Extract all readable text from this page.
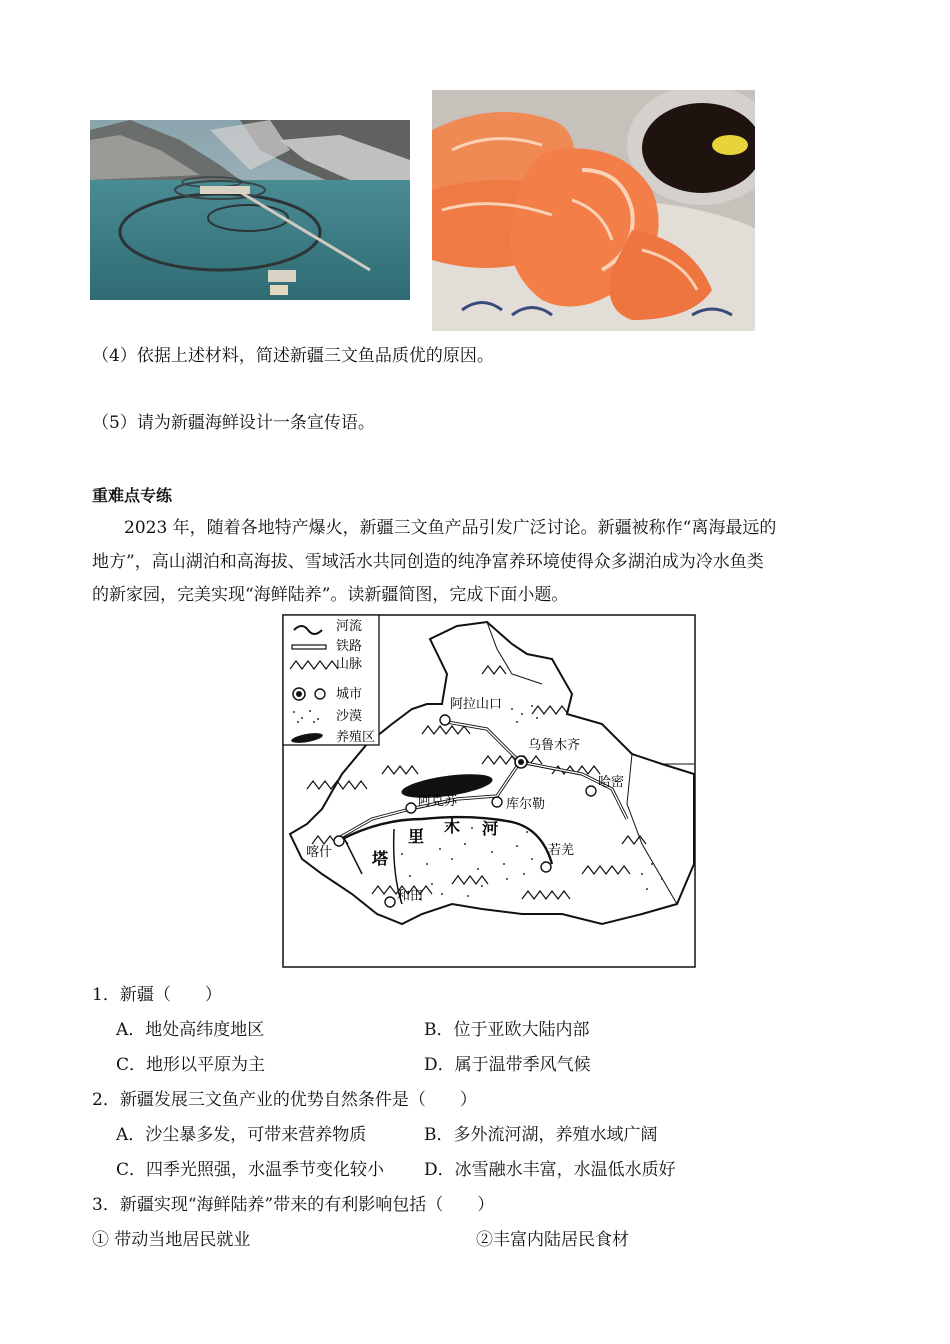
（4）依据上述材料，简述新疆三文鱼品质优的原因。
（5）请为新疆海鲜设计一条宣传语。
重难点专练
2023 年，随着各地特产爆火，新疆三文鱼产品引发广泛讨论。新疆被称作“离海最远的
地方”，高山湖泊和高海拔、雪域活水共同创造的纯净富养环境使得众多湖泊成为冷水鱼类
的新家园，完美实现“海鲜陆养”。读新疆简图，完成下面小题。
阿拉山口
乌鲁木齐
哈密
阿克苏	库尔勒
喀什	若羌
和田
塔
里
木 河
河流
铁路
山脉
城市
沙漠
养殖区
1．新疆（　　）
A．地处高纬度地区	B．位于亚欧大陆内部
C．地形以平原为主	D．属于温带季风气候
2．新疆发展三文鱼产业的优势自然条件是（　　）
A．沙尘暴多发，可带来营养物质	B．多外流河湖，养殖水域广阔
C．四季光照强，水温季节变化较小 D．冰雪融水丰富，水温低水质好
3．新疆实现“海鲜陆养”带来的有利影响包括（　　）
① 带动当地居民就业	②丰富内陆居民食材
